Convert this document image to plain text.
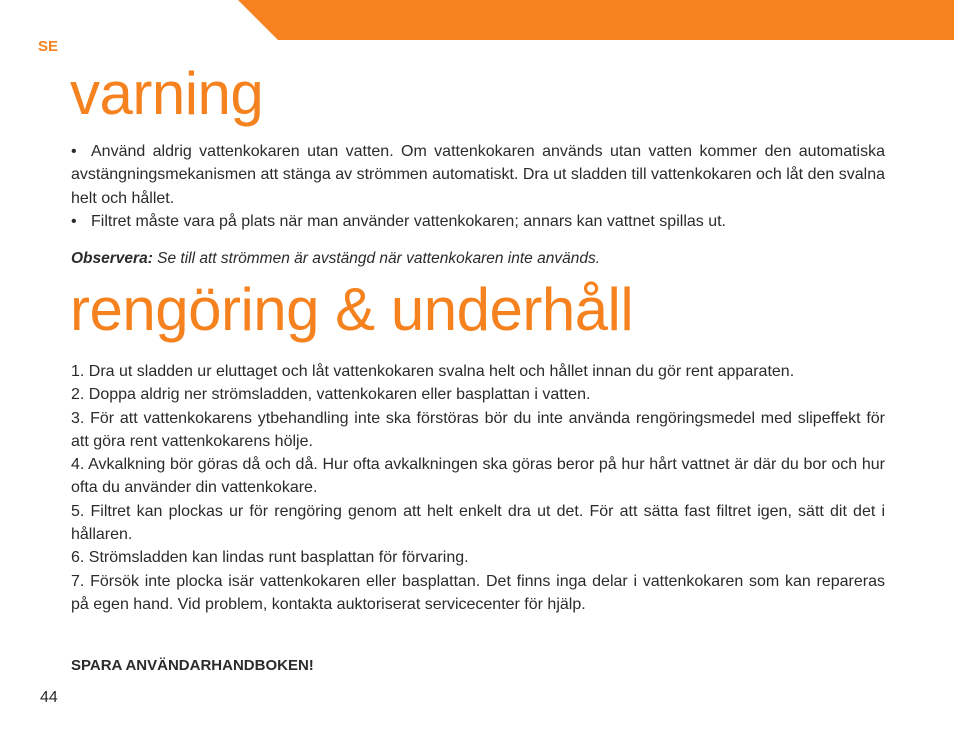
SE
varning

• Använd aldrig vattenkokaren utan vatten. Om vattenkokaren används utan vatten kommer den automatiska avstängningsmekanismen att stänga av strömmen automatiskt. Dra ut sladden till vattenkokaren och låt den svalna helt och hållet.

• Filtret måste vara på plats när man använder vattenkokaren; annars kan vattnet spillas ut.

Observera: Se till att strömmen är avstängd när vattenkokaren inte används.
rengöring & underhåll

1. Dra ut sladden ur eluttaget och låt vattenkokaren svalna helt och hållet innan du gör rent apparaten.

2. Doppa aldrig ner strömsladden, vattenkokaren eller basplattan i vatten.

3. För att vattenkokarens ytbehandling inte ska förstöras bör du inte använda rengöringsmedel med slipeffekt för att göra rent vattenkokarens hölje.

4. Avkalkning bör göras då och då. Hur ofta avkalkningen ska göras beror på hur hårt vattnet är där du bor och hur ofta du använder din vattenkokare.

5. Filtret kan plockas ur för rengöring genom att helt enkelt dra ut det. För att sätta fast filtret igen, sätt dit det i hållaren.

6. Strömsladden kan lindas runt basplattan för förvaring.

7. Försök inte plocka isär vattenkokaren eller basplattan. Det finns inga delar i vattenkokaren som kan repareras på egen hand. Vid problem, kontakta auktoriserat servicecenter för hjälp.

SPARA ANVÄNDARHANDBOKEN!
44
